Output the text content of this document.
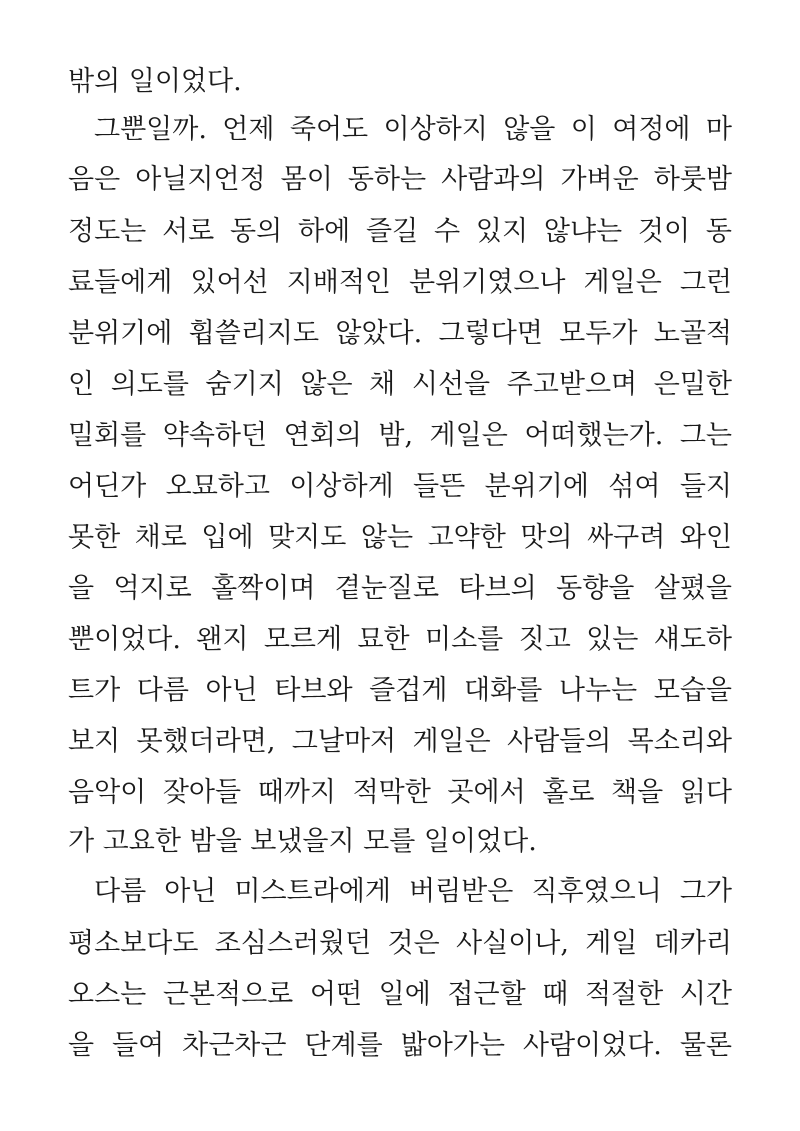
밖의 일이었다.
그뿐일까. 언제 죽어도 이상하지 않을 이 여정에 마
음은 아닐지언정 몸이 동하는 사람과의 가벼운 하룻밤
정도는 서로 동의 하에 즐길 수 있지 않냐는 것이 동
료들에게 있어선 지배적인 분위기였으나 게일은 그런
분위기에 휩쓸리지도 않았다. 그렇다면 모두가 노골적
인 의도를 숨기지 않은 채 시선을 주고받으며 은밀한
밀회를 약속하던 연회의 밤, 게일은 어떠했는가. 그는
어딘가 오묘하고 이상하게 들뜬 분위기에 섞여 들지
못한 채로 입에 맞지도 않는 고약한 맛의 싸구려 와인
을 억지로 홀짝이며 곁눈질로 타브의 동향을 살폈을
뿐이었다. 왠지 모르게 묘한 미소를 짓고 있는 섀도하
트가 다름 아닌 타브와 즐겁게 대화를 나누는 모습을
보지 못했더라면, 그날마저 게일은 사람들의 목소리와
음악이 잦아들 때까지 적막한 곳에서 홀로 책을 읽다
가 고요한 밤을 보냈을지 모를 일이었다.
다름 아닌 미스트라에게 버림받은 직후였으니 그가
평소보다도 조심스러웠던 것은 사실이나, 게일 데카리
오스는 근본적으로 어떤 일에 접근할 때 적절한 시간
을 들여 차근차근 단계를 밟아가는 사람이었다. 물론
